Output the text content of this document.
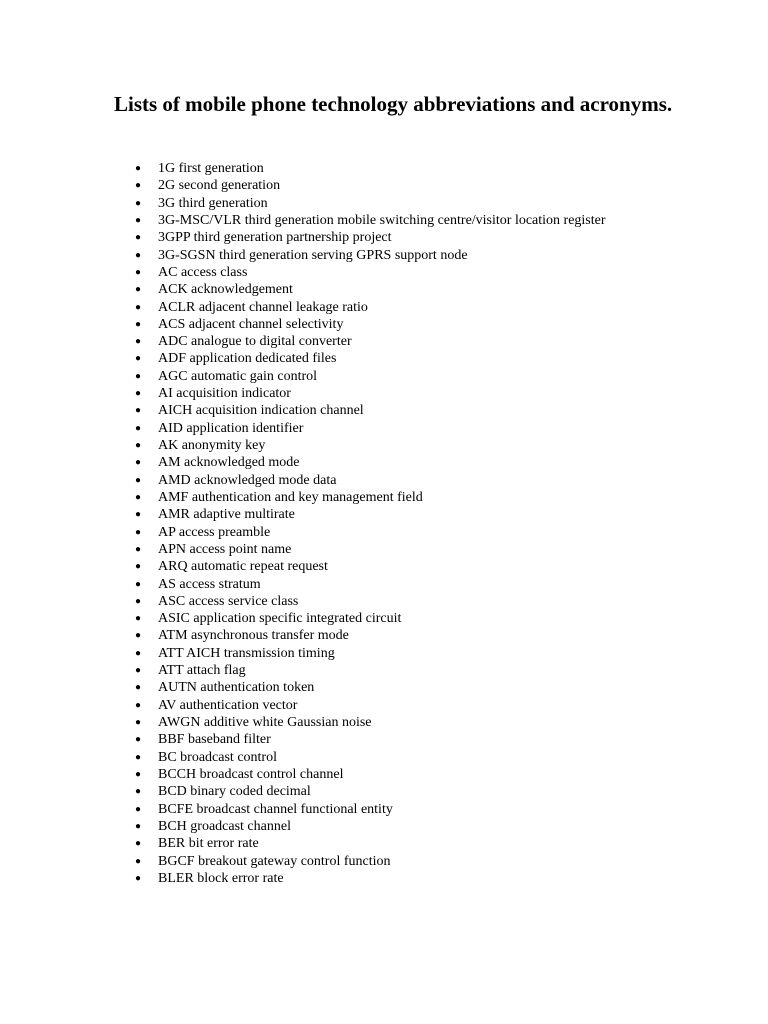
Lists of mobile phone technology abbreviations and acronyms.
● 1G first generation
● 2G second generation
● 3G third generation
● 3G-MSC/VLR third generation mobile switching centre/visitor location register
● 3GPP third generation partnership project
● 3G-SGSN third generation serving GPRS support node
● AC access class
● ACK acknowledgement
● ACLR adjacent channel leakage ratio
● ACS adjacent channel selectivity
● ADC analogue to digital converter
● ADF application dedicated files
● AGC automatic gain control
● AI acquisition indicator
● AICH acquisition indication channel
● AID application identifier
● AK anonymity key
● AM acknowledged mode
● AMD acknowledged mode data
● AMF authentication and key management field
● AMR adaptive multirate
● AP access preamble
● APN access point name
● ARQ automatic repeat request
● AS access stratum
● ASC access service class
● ASIC application specific integrated circuit
● ATM asynchronous transfer mode
● ATT AICH transmission timing
● ATT attach flag
● AUTN authentication token
● AV authentication vector
● AWGN additive white Gaussian noise
● BBF baseband filter
● BC broadcast control
● BCCH broadcast control channel
● BCD binary coded decimal
● BCFE broadcast channel functional entity
● BCH groadcast channel
● BER bit error rate
● BGCF breakout gateway control function
● BLER block error rate
